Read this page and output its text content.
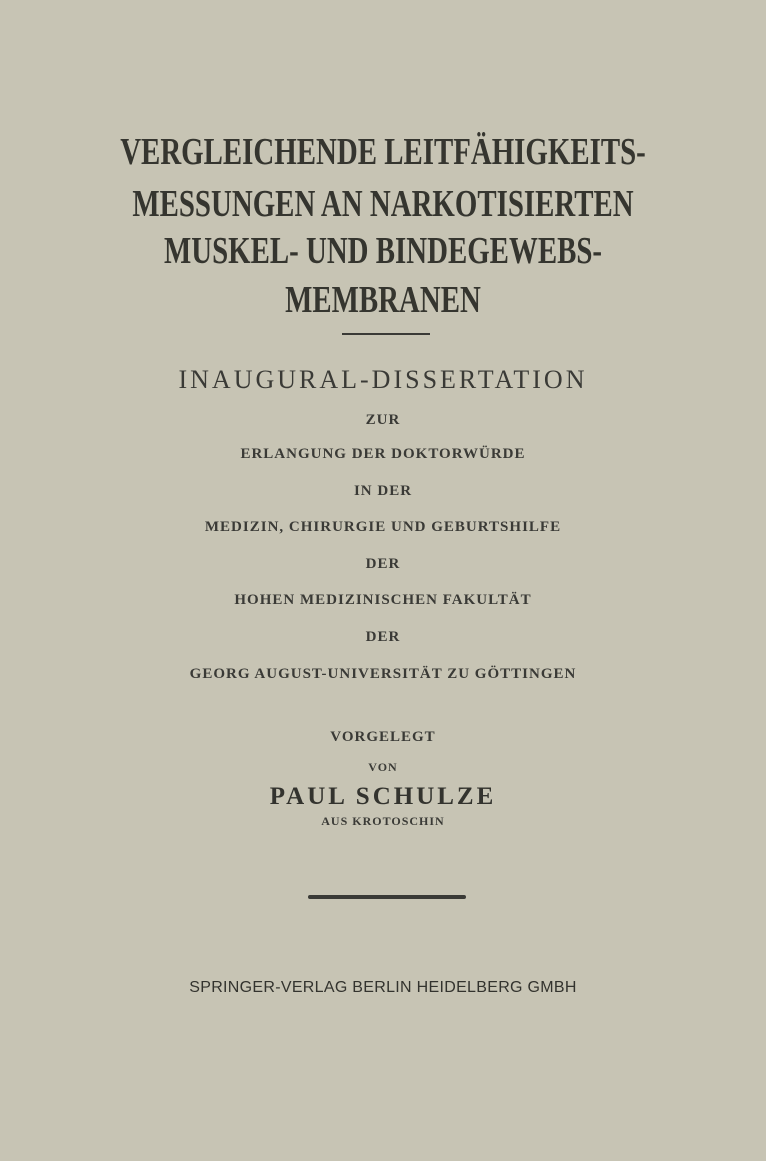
VERGLEICHENDE LEITFÄHIGKEITS-
MESSUNGEN AN NARKOTISIERTEN
MUSKEL- UND BINDEGEWEBS-
MEMBRANEN
INAUGURAL-DISSERTATION
ZUR
ERLANGUNG DER DOKTORWÜRDE
IN DER
MEDIZIN, CHIRURGIE UND GEBURTSHILFE
DER
HOHEN MEDIZINISCHEN FAKULTÄT
DER
GEORG AUGUST-UNIVERSITÄT ZU GÖTTINGEN
VORGELEGT
VON
PAUL SCHULZE
AUS KROTOSCHIN
SPRINGER-VERLAG BERLIN HEIDELBERG GMBH
